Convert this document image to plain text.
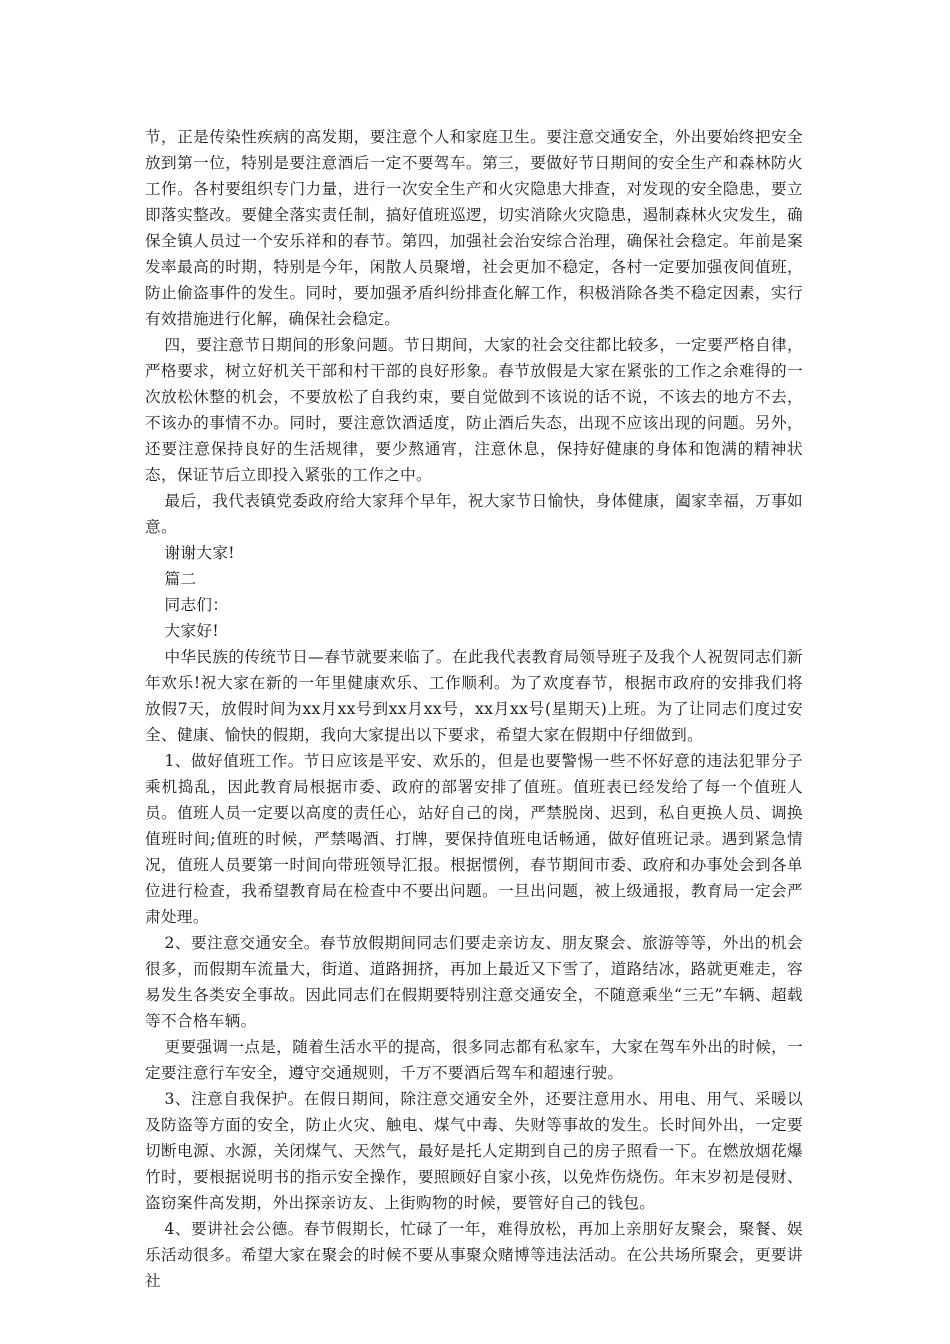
节，正是传染性疾病的高发期，要注意个人和家庭卫生。要注意交通安全，外出要始终把安全放到第一位，特别是要注意酒后一定不要驾车。第三，要做好节日期间的安全生产和森林防火工作。各村要组织专门力量，进行一次安全生产和火灾隐患大排查，对发现的安全隐患，要立即落实整改。要健全落实责任制，搞好值班巡逻，切实消除火灾隐患，遏制森林火灾发生，确保全镇人员过一个安乐祥和的春节。第四，加强社会治安综合治理，确保社会稳定。年前是案发率最高的时期，特别是今年，闲散人员聚增，社会更加不稳定，各村一定要加强夜间值班，防止偷盗事件的发生。同时，要加强矛盾纠纷排查化解工作，积极消除各类不稳定因素，实行有效措施进行化解，确保社会稳定。

四，要注意节日期间的形象问题。节日期间，大家的社会交往都比较多，一定要严格自律，严格要求，树立好机关干部和村干部的良好形象。春节放假是大家在紧张的工作之余难得的一次放松休整的机会，不要放松了自我约束，要自觉做到不该说的话不说，不该去的地方不去，不该办的事情不办。同时，要注意饮酒适度，防止酒后失态，出现不应该出现的问题。另外，还要注意保持良好的生活规律，要少熬通宵，注意休息，保持好健康的身体和饱满的精神状态，保证节后立即投入紧张的工作之中。

最后，我代表镇党委政府给大家拜个早年，祝大家节日愉快，身体健康，阖家幸福，万事如意。

谢谢大家!

篇二

同志们：

大家好!

中华民族的传统节日—春节就要来临了。在此我代表教育局领导班子及我个人祝贺同志们新年欢乐!祝大家在新的一年里健康欢乐、工作顺利。为了欢度春节，根据市政府的安排我们将放假7天，放假时间为xx月xx号到xx月xx号，xx月xx号(星期天)上班。为了让同志们度过安全、健康、愉快的假期，我向大家提出以下要求，希望大家在假期中仔细做到。

1、做好值班工作。节日应该是平安、欢乐的，但是也要警惕一些不怀好意的违法犯罪分子乘机捣乱，因此教育局根据市委、政府的部署安排了值班。值班表已经发给了每一个值班人员。值班人员一定要以高度的责任心，站好自己的岗，严禁脱岗、迟到，私自更换人员、调换值班时间;值班的时候，严禁喝酒、打牌，要保持值班电话畅通，做好值班记录。遇到紧急情况，值班人员要第一时间向带班领导汇报。根据惯例，春节期间市委、政府和办事处会到各单位进行检查，我希望教育局在检查中不要出问题。一旦出问题，被上级通报，教育局一定会严肃处理。

2、要注意交通安全。春节放假期间同志们要走亲访友、朋友聚会、旅游等等，外出的机会很多，而假期车流量大，街道、道路拥挤，再加上最近又下雪了，道路结冰，路就更难走，容易发生各类安全事故。因此同志们在假期要特别注意交通安全，不随意乘坐“三无”车辆、超载等不合格车辆。

更要强调一点是，随着生活水平的提高，很多同志都有私家车，大家在驾车外出的时候，一定要注意行车安全，遵守交通规则，千万不要酒后驾车和超速行驶。

3、注意自我保护。在假日期间，除注意交通安全外，还要注意用水、用电、用气、采暖以及防盗等方面的安全，防止火灾、触电、煤气中毒、失财等事故的发生。长时间外出，一定要切断电源、水源，关闭煤气、天然气，最好是托人定期到自己的房子照看一下。在燃放烟花爆竹时，要根据说明书的指示安全操作，要照顾好自家小孩，以免炸伤烧伤。年末岁初是侵财、盗窃案件高发期，外出探亲访友、上街购物的时候，要管好自己的钱包。

4、要讲社会公德。春节假期长，忙碌了一年，难得放松，再加上亲朋好友聚会，聚餐、娱乐活动很多。希望大家在聚会的时候不要从事聚众赌博等违法活动。在公共场所聚会，更要讲社
